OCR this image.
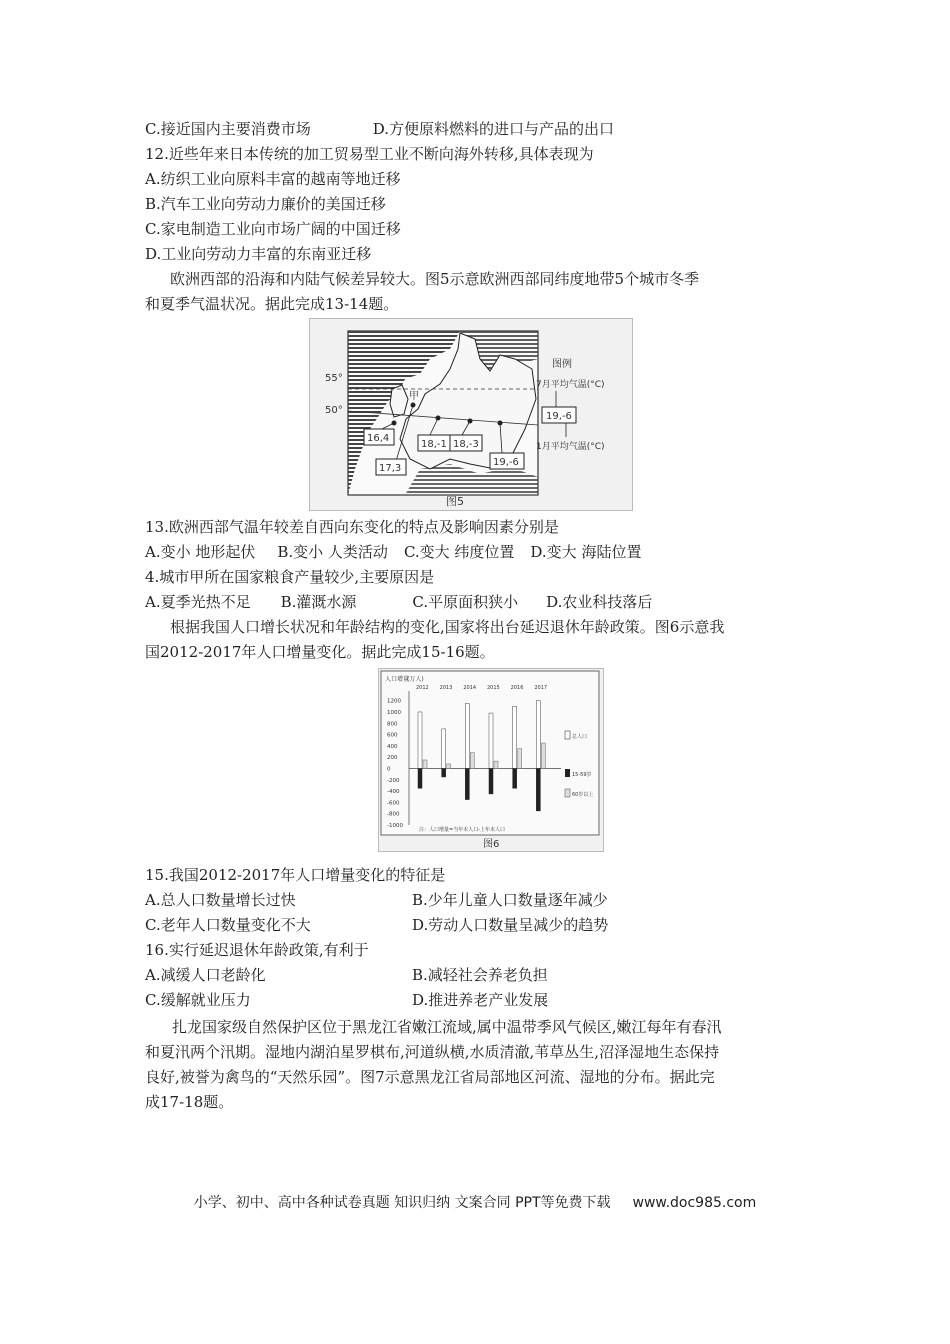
C.接近国内主要消费市场	D.方便原料燃料的进口与产品的出口
12.近些年来日本传统的加工贸易型工业不断向海外转移,具体表现为
A.纺织工业向原料丰富的越南等地迁移
B.汽车工业向劳动力廉价的美国迁移
C.家电制造工业向市场广阔的中国迁移
D.工业向劳动力丰富的东南亚迁移
欧洲西部的沿海和内陆气候差异较大。图5示意欧洲西部同纬度地带5个城市冬季
和夏季气温状况。据此完成13-14题。
55°
50°
甲
16,4
17,3
18,-1 18,-3
19,-6
图例
7月平均气温(°C)
19,-6
1月平均气温(°C)
图5
13.欧洲西部气温年较差自西向东变化的特点及影响因素分别是
A.变小 地形起伏 B.变小 人类活动 C.变大 纬度位置 D.变大 海陆位置
4.城市甲所在国家粮食产量较少,主要原因是
A.夏季光热不足 B.灌溉水源	C.平原面积狭小 D.农业科技落后
根据我国人口增长状况和年龄结构的变化,国家将出台延迟退休年龄政策。图6示意我
国2012-2017年人口增量变化。据此完成15-16题。
人口增量
(万人)
1200
1000
800
600
400
200
0
-200
-400
-600
-800
-1000
2012 2013 2014 2015 2016 2017
总人口
15-59岁
60岁以上
注：人口增量=当年末人口-上年末人口
图6
15.我国2012-2017年人口增量变化的特征是
A.总人口数量增长过快	B.少年儿童人口数量逐年减少
C.老年人口数量变化不大	D.劳动人口数量呈减少的趋势
16.实行延迟退休年龄政策,有利于
A.减缓人口老龄化	B.减轻社会养老负担
C.缓解就业压力	D.推进养老产业发展
扎龙国家级自然保护区位于黑龙江省嫩江流域,属中温带季风气候区,嫩江每年有春汛
和夏汛两个汛期。湿地内湖泊星罗棋布,河道纵横,水质清澈,苇草丛生,沼泽湿地生态保持
良好,被誉为禽鸟的“天然乐园”。图7示意黑龙江省局部地区河流、湿地的分布。据此完
成17-18题。
小学、初中、高中各种试卷真题 知识归纳 文案合同 PPT等免费下载 www.doc985.com
